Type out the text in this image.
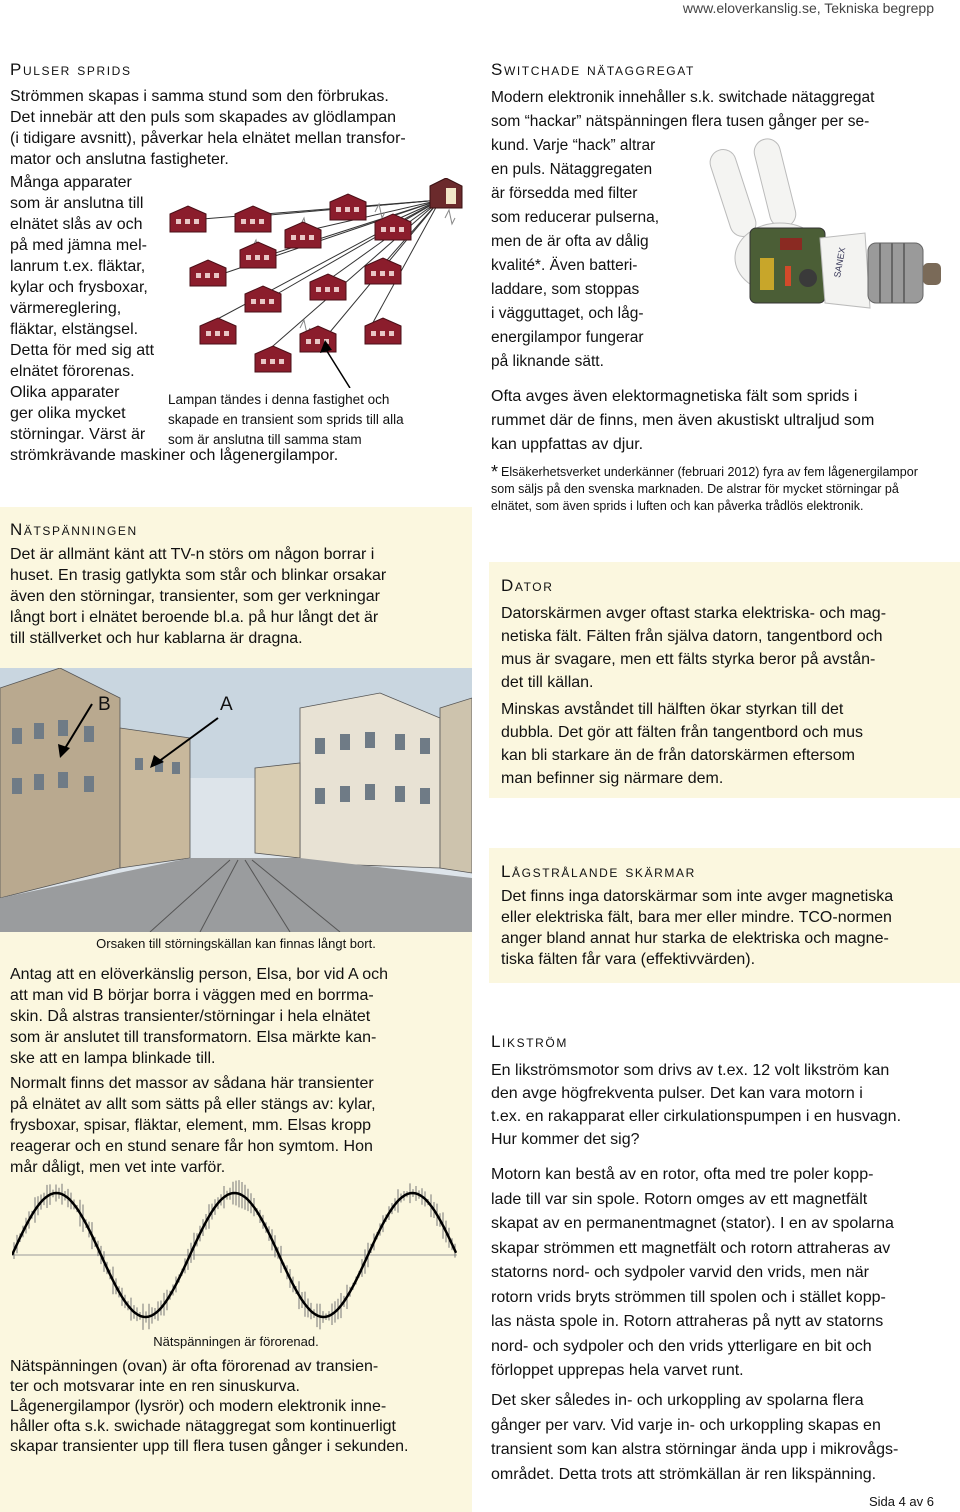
www.eloverkanslig.se, Tekniska begrepp
Pulser sprids
Strömmen skapas i samma stund som den förbrukas.
Det innebär att den puls som skapades av glödlampan
(i tidigare avsnitt), påverkar hela elnätet mellan transfor-
mator och anslutna fastigheter.
Många apparater
som är anslutna till
elnätet slås av och
på med jämna mel-
lanrum t.ex. fläktar,
kylar och frysboxar,
värmereglering,
fläktar, elstängsel.
Detta för med sig att
elnätet förorenas.
Olika apparater
ger olika mycket
störningar. Värst är
strömkrävande maskiner och lågenergilampor.
Lampan tändes i denna fastighet och
skapade en transient som sprids till alla
som är anslutna till samma stam
Nätspänningen
Det är allmänt känt att TV-n störs om någon borrar i
huset. En trasig gatlykta som står och blinkar orsakar
även den störningar, transienter, som ger verkningar
långt bort i elnätet beroende bl.a. på hur långt det är
till ställverket och hur kablarna är dragna.
B	A
Orsaken till störningskällan kan finnas långt bort.
Antag att en elöverkänslig person, Elsa, bor vid A och
att man vid B börjar borra i väggen med en borrma-
skin. Då alstras transienter/störningar i hela elnätet
som är anslutet till transformatorn. Elsa märkte kan-
ske att en lampa blinkade till.
Normalt finns det massor av sådana här transienter
på elnätet av allt som sätts på eller stängs av: kylar,
frysboxar, spisar, fläktar, element, mm. Elsas kropp
reagerar och en stund senare får hon symtom. Hon
mår dåligt, men vet inte varför.
Nätspänningen är förorenad.
Nätspänningen (ovan) är ofta förorenad av transien-
ter och motsvarar inte en ren sinuskurva.
Lågenergilampor (lysrör) och modern elektronik inne-
håller ofta s.k. swichade nätaggregat som kontinuerligt
skapar transienter upp till flera tusen gånger i sekunden.
Switchade nätaggregat
Modern elektronik innehåller s.k. switchade nätaggregat
som “hackar” nätspänningen flera tusen gånger per se-
kund. Varje “hack” altrar
en puls. Nätaggregaten
är försedda med filter
som reducerar pulserna,
men de är ofta av dålig
kvalité*. Även batteri-
laddare, som stoppas
i vägguttaget, och låg-
energilampor fungerar
på liknande sätt.
SANEX
Ofta avges även elektormagnetiska fält som sprids i
rummet där de finns, men även akustiskt ultraljud som
kan uppfattas av djur.
* Elsäkerhetsverket underkänner (februari 2012) fyra av fem lågenergilampor
som säljs på den svenska marknaden. De alstrar för mycket störningar på
elnätet, som även sprids i luften och kan påverka trådlös elektronik.
Dator
Datorskärmen avger oftast starka elektriska- och mag-
netiska fält. Fälten från själva datorn, tangentbord och
mus är svagare, men ett fälts styrka beror på avstån-
det till källan.
Minskas avståndet till hälften ökar styrkan till det
dubbla. Det gör att fälten från tangentbord och mus
kan bli starkare än de från datorskärmen eftersom
man befinner sig närmare dem.
Lågstrålande skärmar
Det finns inga datorskärmar som inte avger magnetiska
eller elektriska fält, bara mer eller mindre. TCO-normen
anger bland annat hur starka de elektriska och magne-
tiska fälten får vara (effektivvärden).
Likström
En likströmsmotor som drivs av t.ex. 12 volt likström kan
den avge högfrekventa pulser. Det kan vara motorn i
t.ex. en rakapparat eller cirkulationspumpen i en husvagn.
Hur kommer det sig?
Motorn kan bestå av en rotor, ofta med tre poler kopp-
lade till var sin spole. Rotorn omges av ett magnetfält
skapat av en permanentmagnet (stator). I en av spolarna
skapar strömmen ett magnetfält och rotorn attraheras av
statorns nord- och sydpoler varvid den vrids, men när
rotorn vrids bryts strömmen till spolen och i stället kopp-
las nästa spole in. Rotorn attraheras på nytt av statorns
nord- och sydpoler och den vrids ytterligare en bit och
förloppet upprepas hela varvet runt.
Det sker således in- och urkoppling av spolarna flera
gånger per varv. Vid varje in- och urkoppling skapas en
transient som kan alstra störningar ända upp i mikrovågs-
området. Detta trots att strömkällan är ren likspänning.
Sida 4 av 6
